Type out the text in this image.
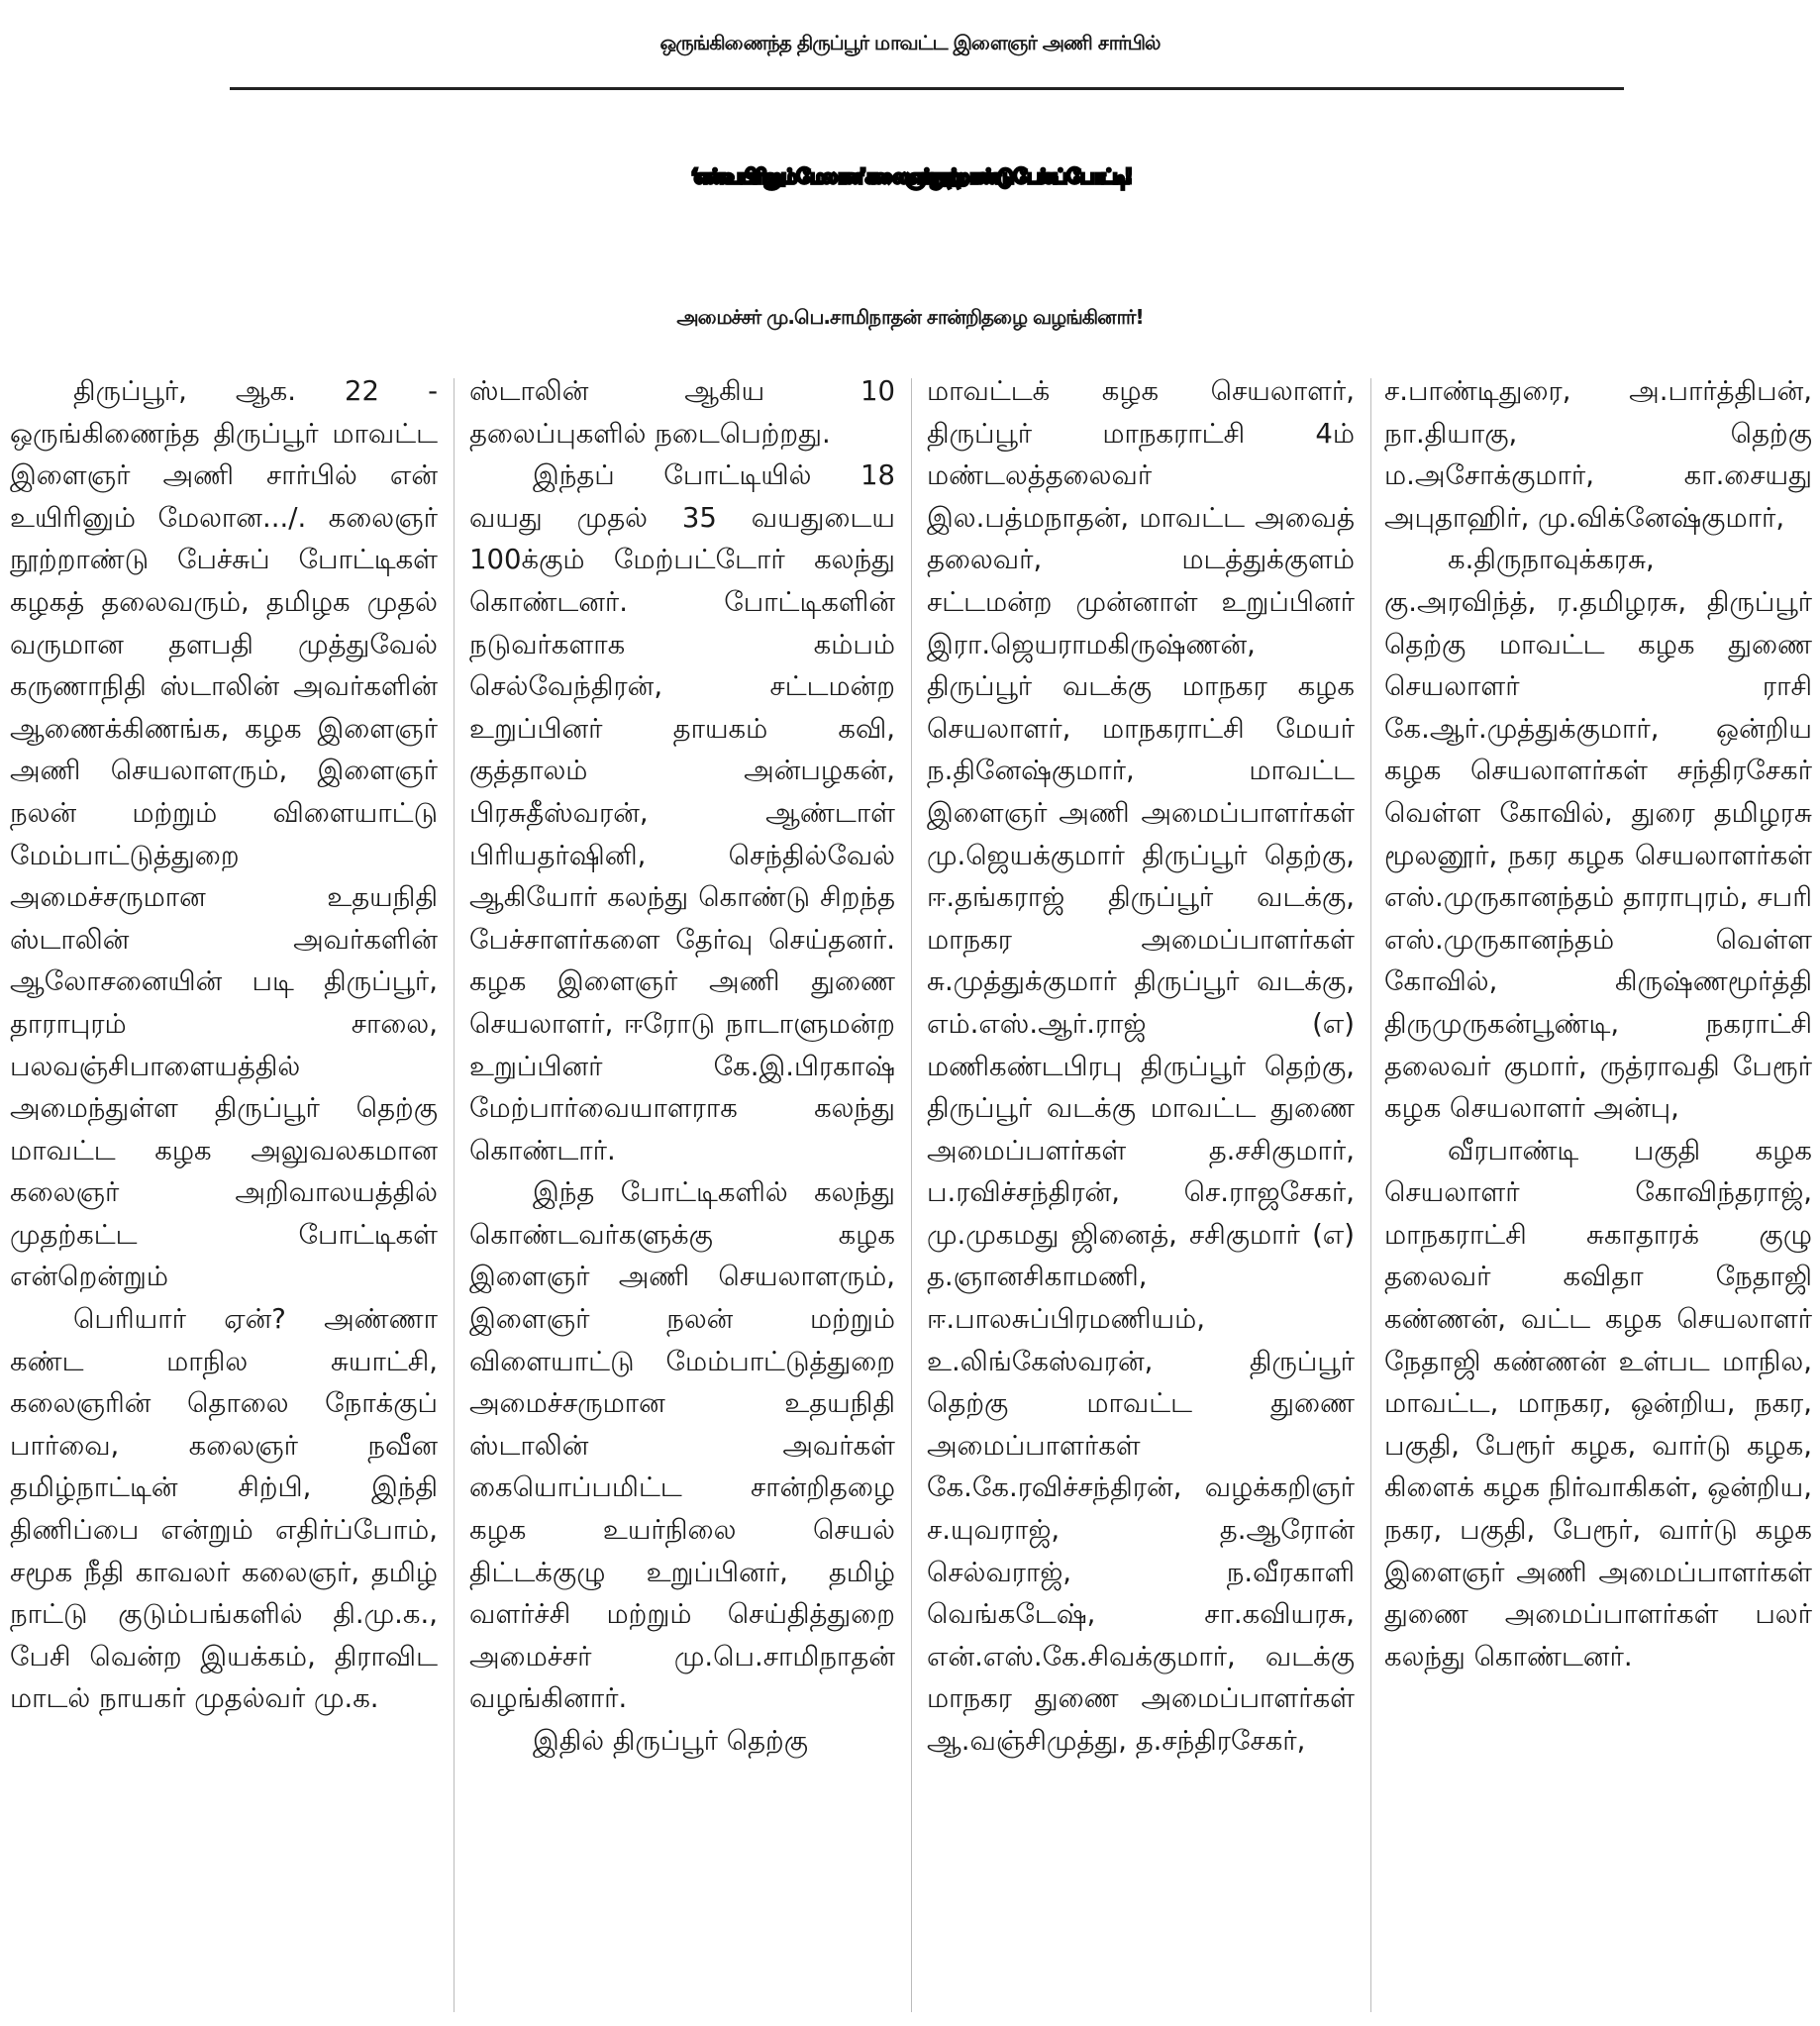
ஒருங்கிணைந்த திருப்பூர் மாவட்ட இளைஞர் அணி சார்பில்
‘என் உயிரினும் மேலான’ கலைஞர் நூற்றாண்டு பேச்சுப் போட்டி!
அமைச்சர் மு.பெ.சாமிநாதன் சான்றிதழை வழங்கினார்!

திருப்பூர், ஆக. 22 - ஒருங்கிணைந்த திருப்பூர் மாவட்ட இளைஞர் அணி சார்பில் என் உயிரினும் மேலான.../. கலைஞர் நூற்றாண்டு பேச்சுப் போட்டிகள் கழகத் தலைவரும், தமிழக முதல் வருமான தளபதி முத்துவேல் கருணாநிதி ஸ்டாலின் அவர்களின் ஆணைக்கிணங்க, கழக இளைஞர் அணி செயலாளரும், இளைஞர் நலன் மற்றும் விளையாட்டு மேம்பாட்டுத்துறை அமைச்சருமான உதயநிதி ஸ்டாலின் அவர்களின் ஆலோசனையின் படி திருப்பூர், தாராபுரம் சாலை, பலவஞ்சிபாளையத்தில் அமைந்துள்ள திருப்பூர் தெற்கு மாவட்ட கழக அலுவலகமான கலைஞர் அறிவாலயத்தில் முதற்கட்ட போட்டிகள் என்றென்றும்

பெரியார் ஏன்? அண்ணா கண்ட மாநில சுயாட்சி, கலைஞரின் தொலை நோக்குப் பார்வை, கலைஞர் நவீன தமிழ்நாட்டின் சிற்பி, இந்தி திணிப்பை என்றும் எதிர்ப்போம், சமூக நீதி காவலர் கலைஞர், தமிழ் நாட்டு குடும்பங்களில் தி.மு.க., பேசி வென்ற இயக்கம், திராவிட மாடல் நாயகர் முதல்வர் மு.க.

ஸ்டாலின் ஆகிய 10 தலைப்புகளில் நடைபெற்றது.

இந்தப் போட்டியில் 18 வயது முதல் 35 வயதுடைய 100க்கும் மேற்பட்டோர் கலந்து கொண்டனர். போட்டிகளின் நடுவர்களாக கம்பம் செல்வேந்திரன், சட்டமன்ற உறுப்பினர் தாயகம் கவி, குத்தாலம் அன்பழகன், பிரசுதீஸ்வரன், ஆண்டாள் பிரியதர்ஷினி, செந்தில்வேல் ஆகியோர் கலந்து கொண்டு சிறந்த பேச்சாளர்களை தேர்வு செய்தனர். கழக இளைஞர் அணி துணை செயலாளர், ஈரோடு நாடாளுமன்ற உறுப்பினர் கே.இ.பிரகாஷ் மேற்பார்வையாளராக கலந்து கொண்டார்.

இந்த போட்டிகளில் கலந்து கொண்டவர்களுக்கு கழக இளைஞர் அணி செயலாளரும், இளைஞர் நலன் மற்றும் விளையாட்டு மேம்பாட்டுத்துறை அமைச்சருமான உதயநிதி ஸ்டாலின் அவர்கள் கையொப்பமிட்ட சான்றிதழை கழக உயர்நிலை செயல் திட்டக்குழு உறுப்பினர், தமிழ் வளர்ச்சி மற்றும் செய்தித்துறை அமைச்சர் மு.பெ.சாமிநாதன் வழங்கினார்.

இதில் திருப்பூர் தெற்கு

மாவட்டக் கழக செயலாளர், திருப்பூர் மாநகராட்சி 4ம் மண்டலத்தலைவர் இல.பத்மநாதன், மாவட்ட அவைத் தலைவர், மடத்துக்குளம் சட்டமன்ற முன்னாள் உறுப்பினர் இரா.ஜெயராமகிருஷ்ணன், திருப்பூர் வடக்கு மாநகர கழக செயலாளர், மாநகராட்சி மேயர் ந.தினேஷ்குமார், மாவட்ட இளைஞர் அணி அமைப்பாளர்கள் மு.ஜெயக்குமார் திருப்பூர் தெற்கு, ஈ.தங்கராஜ் திருப்பூர் வடக்கு, மாநகர அமைப்பாளர்கள் சு.முத்துக்குமார் திருப்பூர் வடக்கு, எம்.எஸ்.ஆர்.ராஜ் (எ) மணிகண்டபிரபு திருப்பூர் தெற்கு, திருப்பூர் வடக்கு மாவட்ட துணை அமைப்பளர்கள் த.சசிகுமார், ப.ரவிச்சந்திரன், செ.ராஜசேகர், மு.முகமது ஜினைத், சசிகுமார் (எ) த.ஞானசிகாமணி, ஈ.பாலசுப்பிரமணியம், உ.லிங்கேஸ்வரன், திருப்பூர் தெற்கு மாவட்ட துணை அமைப்பாளர்கள் கே.கே.ரவிச்சந்திரன், வழக்கறிஞர் ச.யுவராஜ், த.ஆரோன் செல்வராஜ், ந.வீரகாளி வெங்கடேஷ், சா.கவியரசு, என்.எஸ்.கே.சிவக்குமார், வடக்கு மாநகர துணை அமைப்பாளர்கள் ஆ.வஞ்சிமுத்து, த.சந்திரசேகர்,

ச.பாண்டிதுரை, அ.பார்த்திபன், நா.தியாகு, தெற்கு ம.அசோக்குமார், கா.சையது அபுதாஹிர், மு.விக்னேஷ்குமார்,

க.திருநாவுக்கரசு, கு.அரவிந்த், ர.தமிழரசு, திருப்பூர் தெற்கு மாவட்ட கழக துணை செயலாளர் ராசி கே.ஆர்.முத்துக்குமார், ஒன்றிய கழக செயலாளர்கள் சந்திரசேகர் வெள்ள கோவில், துரை தமிழரசு மூலனூர், நகர கழக செயலாளர்கள் எஸ்.முருகானந்தம் தாராபுரம், சபரி எஸ்.முருகானந்தம் வெள்ள கோவில், கிருஷ்ணமூர்த்தி திருமுருகன்பூண்டி, நகராட்சி தலைவர் குமார், ருத்ராவதி பேரூர் கழக செயலாளர் அன்பு,

வீரபாண்டி பகுதி கழக செயலாளர் கோவிந்தராஜ், மாநகராட்சி சுகாதாரக் குழு தலைவர் கவிதா நேதாஜி கண்ணன், வட்ட கழக செயலாளர் நேதாஜி கண்ணன் உள்பட மாநில, மாவட்ட, மாநகர, ஒன்றிய, நகர, பகுதி, பேரூர் கழக, வார்டு கழக, கிளைக் கழக நிர்வாகிகள், ஒன்றிய, நகர, பகுதி, பேரூர், வார்டு கழக இளைஞர் அணி அமைப்பாளர்கள் துணை அமைப்பாளர்கள் பலர் கலந்து கொண்டனர்.
